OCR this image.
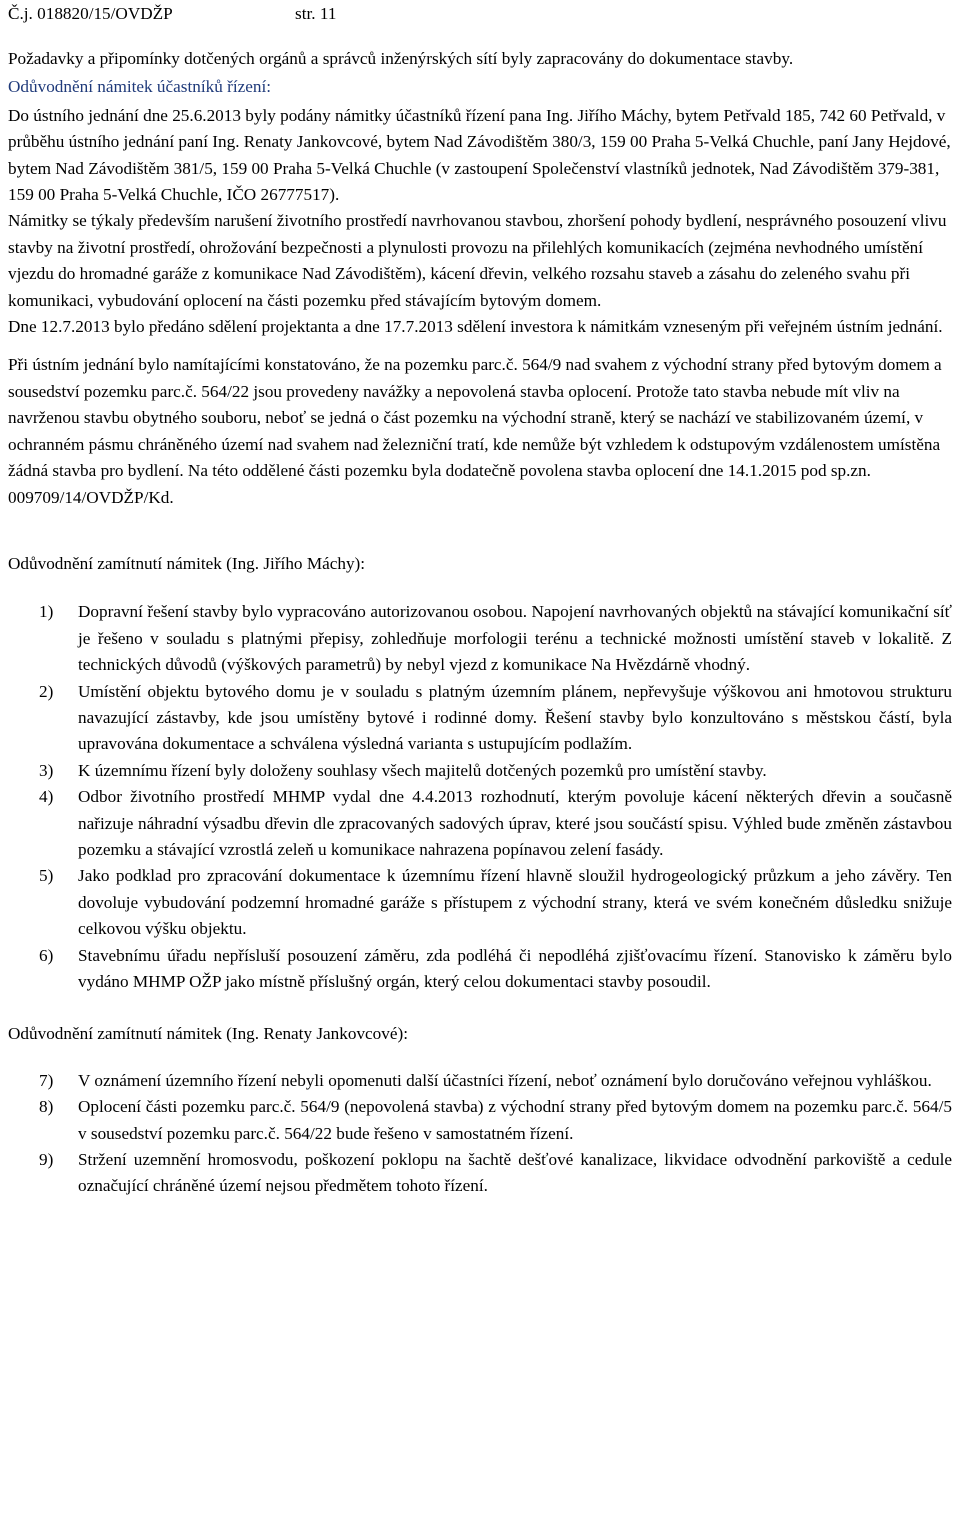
Č.j. 018820/15/OVDŽP	str. 11

Požadavky a připomínky dotčených orgánů a správců inženýrských sítí byly zapracovány do dokumentace stavby.

Odůvodnění námitek účastníků řízení:

Do ústního jednání dne 25.6.2013 byly podány námitky účastníků řízení pana Ing. Jiřího Máchy, bytem Petřvald 185, 742 60 Petřvald, v průběhu ústního jednání paní Ing. Renaty Jankovcové, bytem Nad Závodištěm 380/3, 159 00 Praha 5-Velká Chuchle, paní Jany Hejdové, bytem Nad Závodištěm 381/5, 159 00 Praha 5-Velká Chuchle (v zastoupení Společenství vlastníků jednotek, Nad Závodištěm 379-381, 159 00 Praha 5-Velká Chuchle, IČO 26777517).

Námitky se týkaly především narušení životního prostředí navrhovanou stavbou, zhoršení pohody bydlení, nesprávného posouzení vlivu stavby na životní prostředí, ohrožování bezpečnosti a plynulosti provozu na přilehlých komunikacích (zejména nevhodného umístění vjezdu do hromadné garáže z komunikace Nad Závodištěm), kácení dřevin, velkého rozsahu staveb a zásahu do zeleného svahu při komunikaci, vybudování oplocení na části pozemku před stávajícím bytovým domem.

Dne 12.7.2013 bylo předáno sdělení projektanta a dne 17.7.2013 sdělení investora k námitkám vzneseným při veřejném ústním jednání.

Při ústním jednání bylo namítajícími konstatováno, že na pozemku parc.č. 564/9 nad svahem z východní strany před bytovým domem a sousedství pozemku parc.č. 564/22 jsou provedeny navážky a nepovolená stavba oplocení. Protože tato stavba nebude mít vliv na navrženou stavbu obytného souboru, neboť se jedná o část pozemku na východní straně, který se nachází ve stabilizovaném území, v ochranném pásmu chráněného území nad svahem nad železniční tratí, kde nemůže být vzhledem k odstupovým vzdálenostem umístěna žádná stavba pro bydlení. Na této oddělené části pozemku byla dodatečně povolena stavba oplocení dne 14.1.2015 pod sp.zn. 009709/14/OVDŽP/Kd.

Odůvodnění zamítnutí námitek (Ing. Jiřího Máchy):

1) Dopravní řešení stavby bylo vypracováno autorizovanou osobou. Napojení navrhovaných objektů na stávající komunikační síť je řešeno v souladu s platnými přepisy, zohledňuje morfologii terénu a technické možnosti umístění staveb v lokalitě. Z technických důvodů (výškových parametrů) by nebyl vjezd z komunikace Na Hvězdárně vhodný.
2) Umístění objektu bytového domu je v souladu s platným územním plánem, nepřevyšuje výškovou ani hmotovou strukturu navazující zástavby, kde jsou umístěny bytové i rodinné domy. Řešení stavby bylo konzultováno s městskou částí, byla upravována dokumentace a schválena výsledná varianta s ustupujícím podlažím.
3) K územnímu řízení byly doloženy souhlasy všech majitelů dotčených pozemků pro umístění stavby.
4) Odbor životního prostředí MHMP vydal dne 4.4.2013 rozhodnutí, kterým povoluje kácení některých dřevin a současně nařizuje náhradní výsadbu dřevin dle zpracovaných sadových úprav, které jsou součástí spisu. Výhled bude změněn zástavbou pozemku a stávající vzrostlá zeleň u komunikace nahrazena popínavou zelení fasády.
5) Jako podklad pro zpracování dokumentace k územnímu řízení hlavně sloužil hydrogeologický průzkum a jeho závěry. Ten dovoluje vybudování podzemní hromadné garáže s přístupem z východní strany, která ve svém konečném důsledku snižuje celkovou výšku objektu.
6) Stavebnímu úřadu nepřísluší posouzení záměru, zda podléhá či nepodléhá zjišťovacímu řízení. Stanovisko k záměru bylo vydáno MHMP OŽP jako místně příslušný orgán, který celou dokumentaci stavby posoudil.

Odůvodnění zamítnutí námitek (Ing. Renaty Jankovcové):

7) V oznámení územního řízení nebyli opomenuti další účastníci řízení, neboť oznámení bylo doručováno veřejnou vyhláškou.
8) Oplocení části pozemku parc.č. 564/9 (nepovolená stavba) z východní strany před bytovým domem na pozemku parc.č. 564/5 v sousedství pozemku parc.č. 564/22 bude řešeno v samostatném řízení.
9) Stržení uzemnění hromosvodu, poškození poklopu na šachtě dešťové kanalizace, likvidace odvodnění parkoviště a cedule označující chráněné území nejsou předmětem tohoto řízení.
